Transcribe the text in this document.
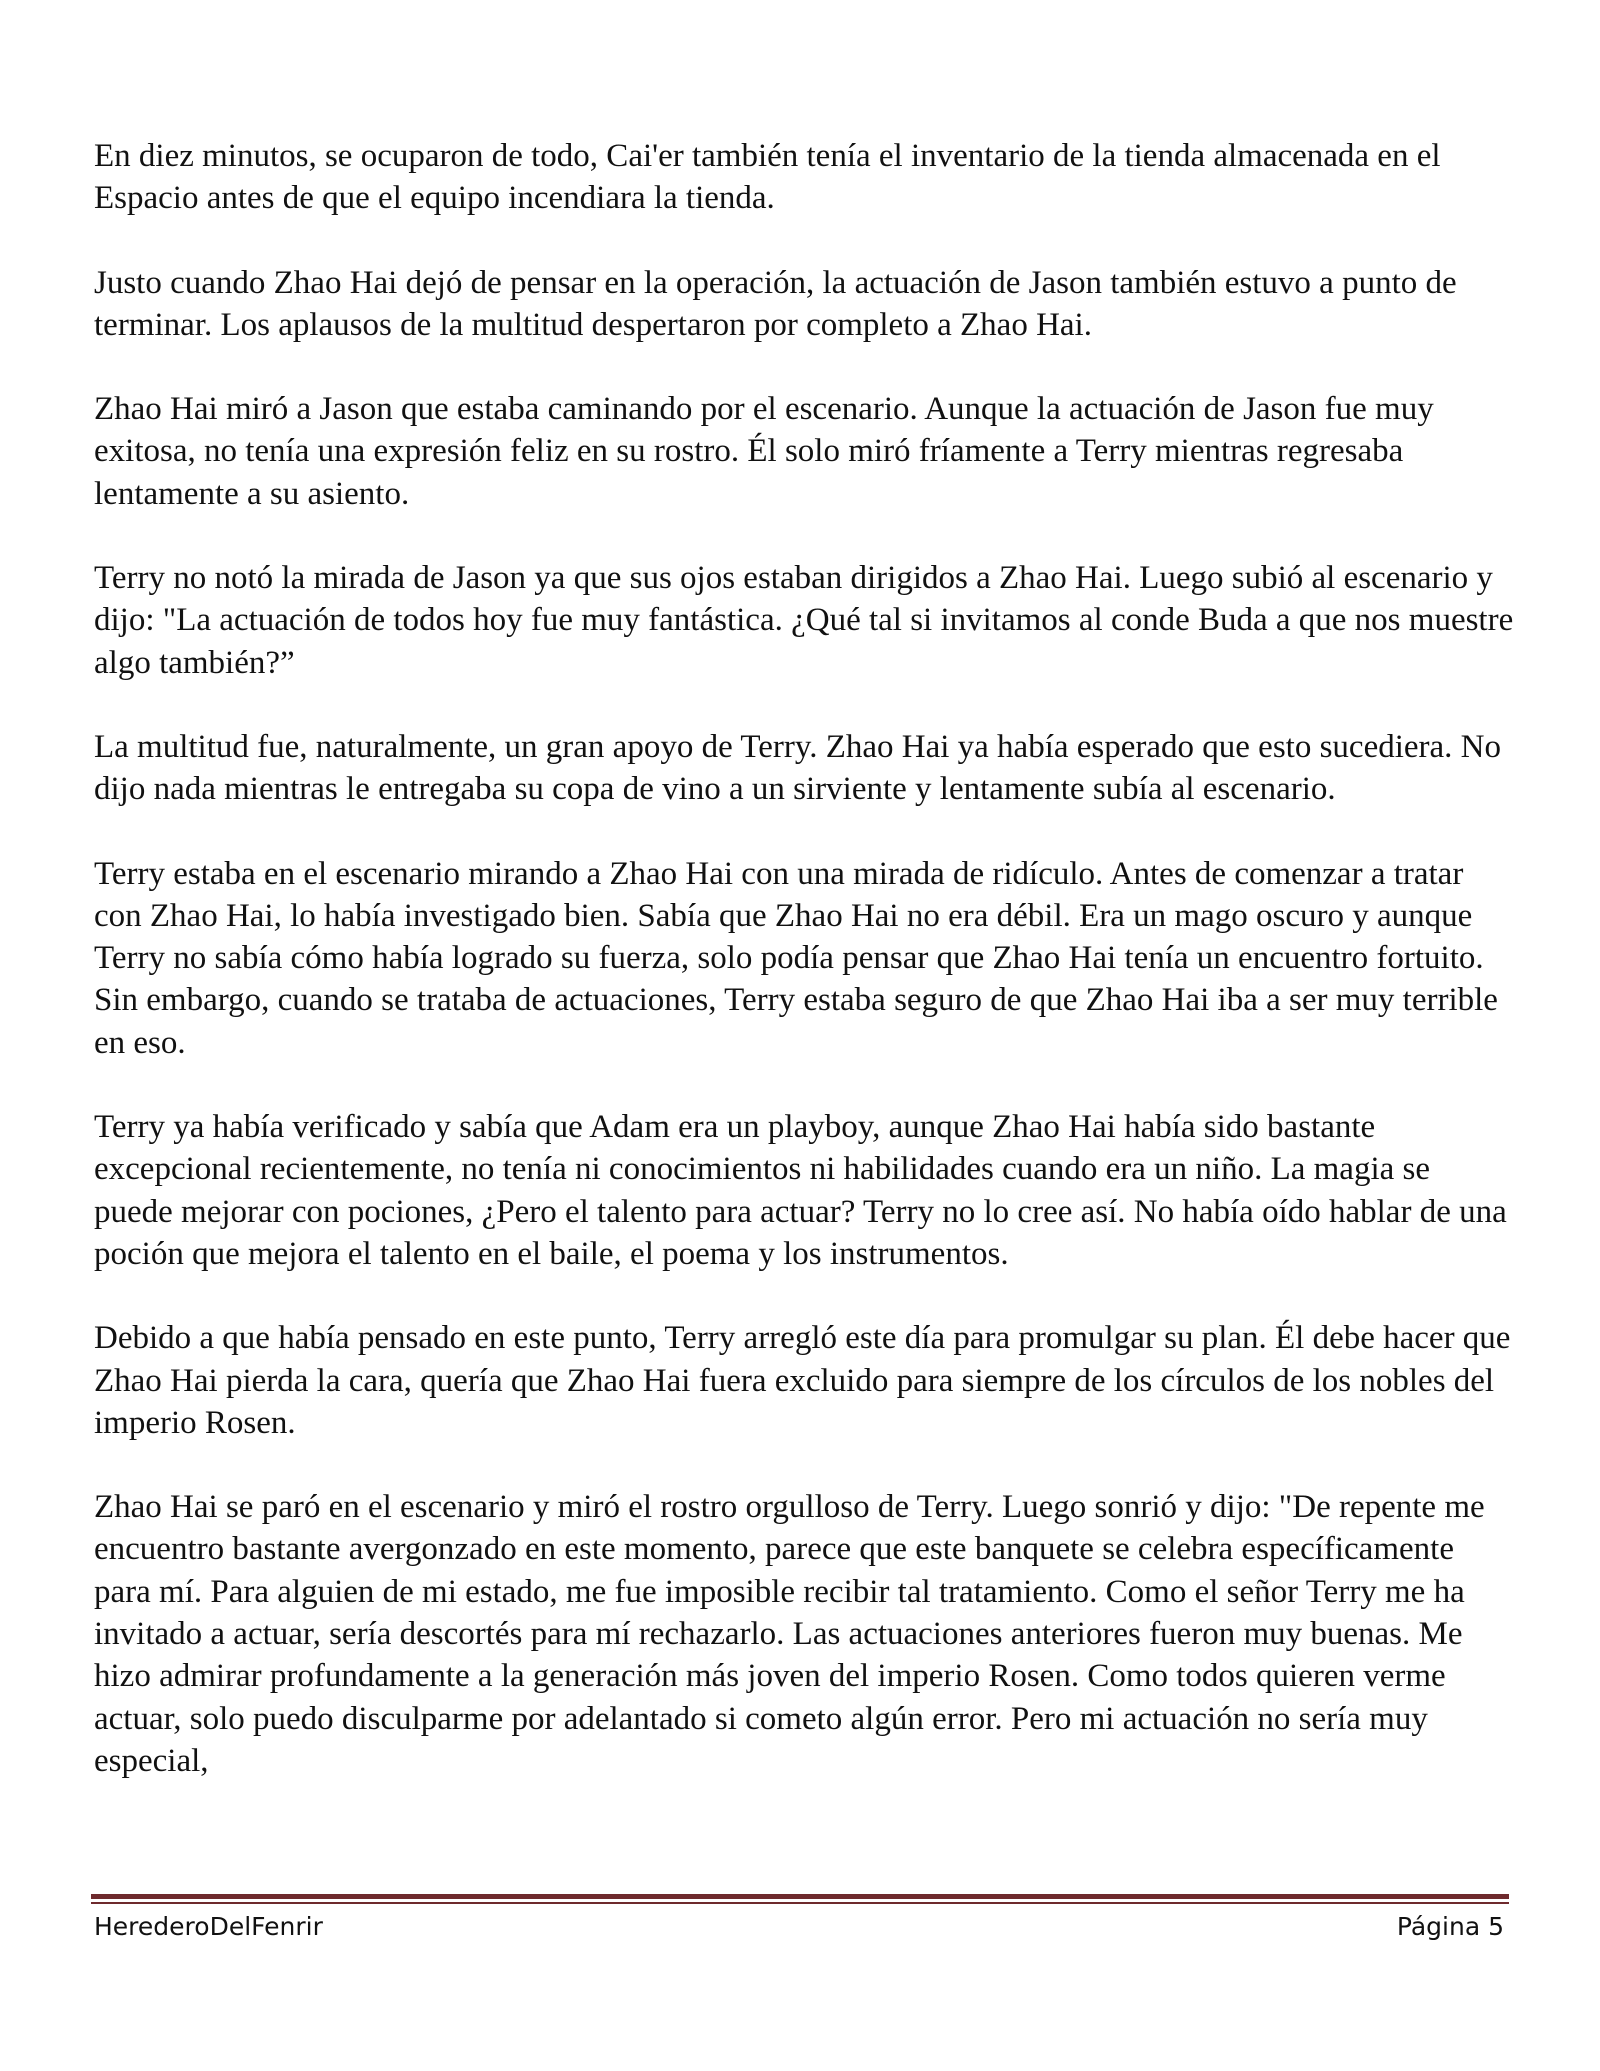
En diez minutos, se ocuparon de todo, Cai'er también tenía el inventario de la tienda almacenada en el Espacio antes de que el equipo incendiara la tienda.

Justo cuando Zhao Hai dejó de pensar en la operación, la actuación de Jason también estuvo a punto de terminar. Los aplausos de la multitud despertaron por completo a Zhao Hai.

Zhao Hai miró a Jason que estaba caminando por el escenario. Aunque la actuación de Jason fue muy exitosa, no tenía una expresión feliz en su rostro. Él solo miró fríamente a Terry mientras regresaba lentamente a su asiento.

Terry no notó la mirada de Jason ya que sus ojos estaban dirigidos a Zhao Hai. Luego subió al escenario y dijo: "La actuación de todos hoy fue muy fantástica. ¿Qué tal si invitamos al conde Buda a que nos muestre algo también?”

La multitud fue, naturalmente, un gran apoyo de Terry. Zhao Hai ya había esperado que esto sucediera. No dijo nada mientras le entregaba su copa de vino a un sirviente y lentamente subía al escenario.

Terry estaba en el escenario mirando a Zhao Hai con una mirada de ridículo. Antes de comenzar a tratar con Zhao Hai, lo había investigado bien. Sabía que Zhao Hai no era débil. Era un mago oscuro y aunque Terry no sabía cómo había logrado su fuerza, solo podía pensar que Zhao Hai tenía un encuentro fortuito. Sin embargo, cuando se trataba de actuaciones, Terry estaba seguro de que Zhao Hai iba a ser muy terrible en eso.

Terry ya había verificado y sabía que Adam era un playboy, aunque Zhao Hai había sido bastante excepcional recientemente, no tenía ni conocimientos ni habilidades cuando era un niño. La magia se puede mejorar con pociones, ¿Pero el talento para actuar? Terry no lo cree así. No había oído hablar de una poción que mejora el talento en el baile, el poema y los instrumentos.

Debido a que había pensado en este punto, Terry arregló este día para promulgar su plan. Él debe hacer que Zhao Hai pierda la cara, quería que Zhao Hai fuera excluido para siempre de los círculos de los nobles del imperio Rosen.

Zhao Hai se paró en el escenario y miró el rostro orgulloso de Terry. Luego sonrió y dijo: "De repente me encuentro bastante avergonzado en este momento, parece que este banquete se celebra específicamente para mí. Para alguien de mi estado, me fue imposible recibir tal tratamiento. Como el señor Terry me ha invitado a actuar, sería descortés para mí rechazarlo. Las actuaciones anteriores fueron muy buenas. Me hizo admirar profundamente a la generación más joven del imperio Rosen. Como todos quieren verme actuar, solo puedo disculparme por adelantado si cometo algún error. Pero mi actuación no sería muy especial,

HerederoDelFenrir	Página 5
